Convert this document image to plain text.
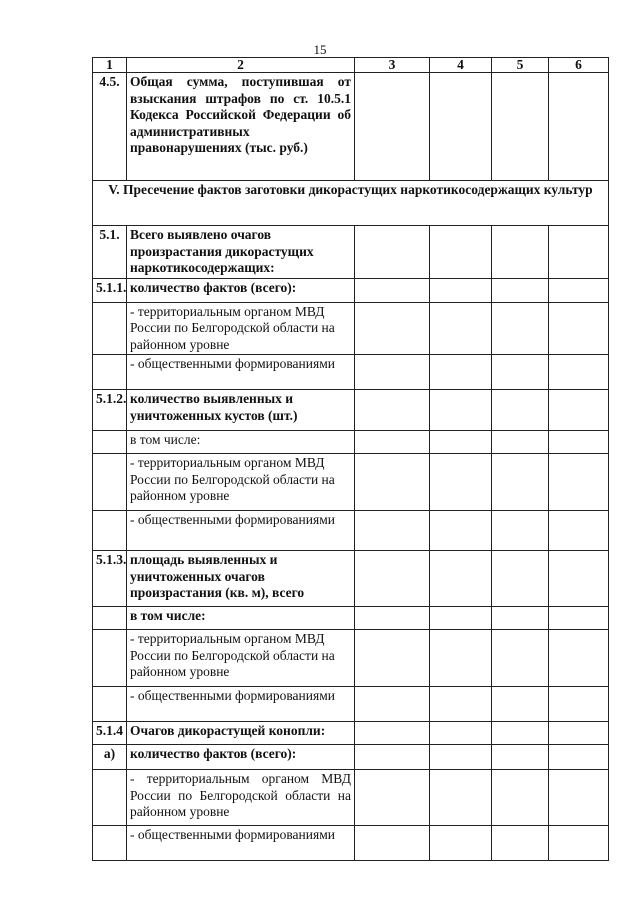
15
1	2	3	4	5	6
4.5.	Общая сумма, поступившая от взыскания штрафов по ст. 10.5.1 Кодекса Российской Федерации об административных правонарушениях (тыс. руб.)				
V. Пресечение фактов заготовки дикорастущих наркотикосодержащих культур					
5.1.	Всего выявлено очагов произрастания дикорастущих наркотикосодержащих:				
5.1.1.	количество фактов (всего):				
	- территориальным органом МВД России по Белгородской области на районном уровне				
	- общественными формированиями				
5.1.2.	количество выявленных и уничтоженных кустов (шт.)				
	в том числе:				
	- территориальным органом МВД России по Белгородской области на районном уровне				
	- общественными формированиями				
5.1.3.	площадь выявленных и уничтоженных очагов произрастания (кв. м), всего				
	в том числе:				
	- территориальным органом МВД России по Белгородской области на районном уровне				
	- общественными формированиями				
5.1.4	Очагов дикорастущей конопли:				
а)	количество фактов (всего):				
	- территориальным органом МВД России по Белгородской области на районном уровне				
	- общественными формированиями				
